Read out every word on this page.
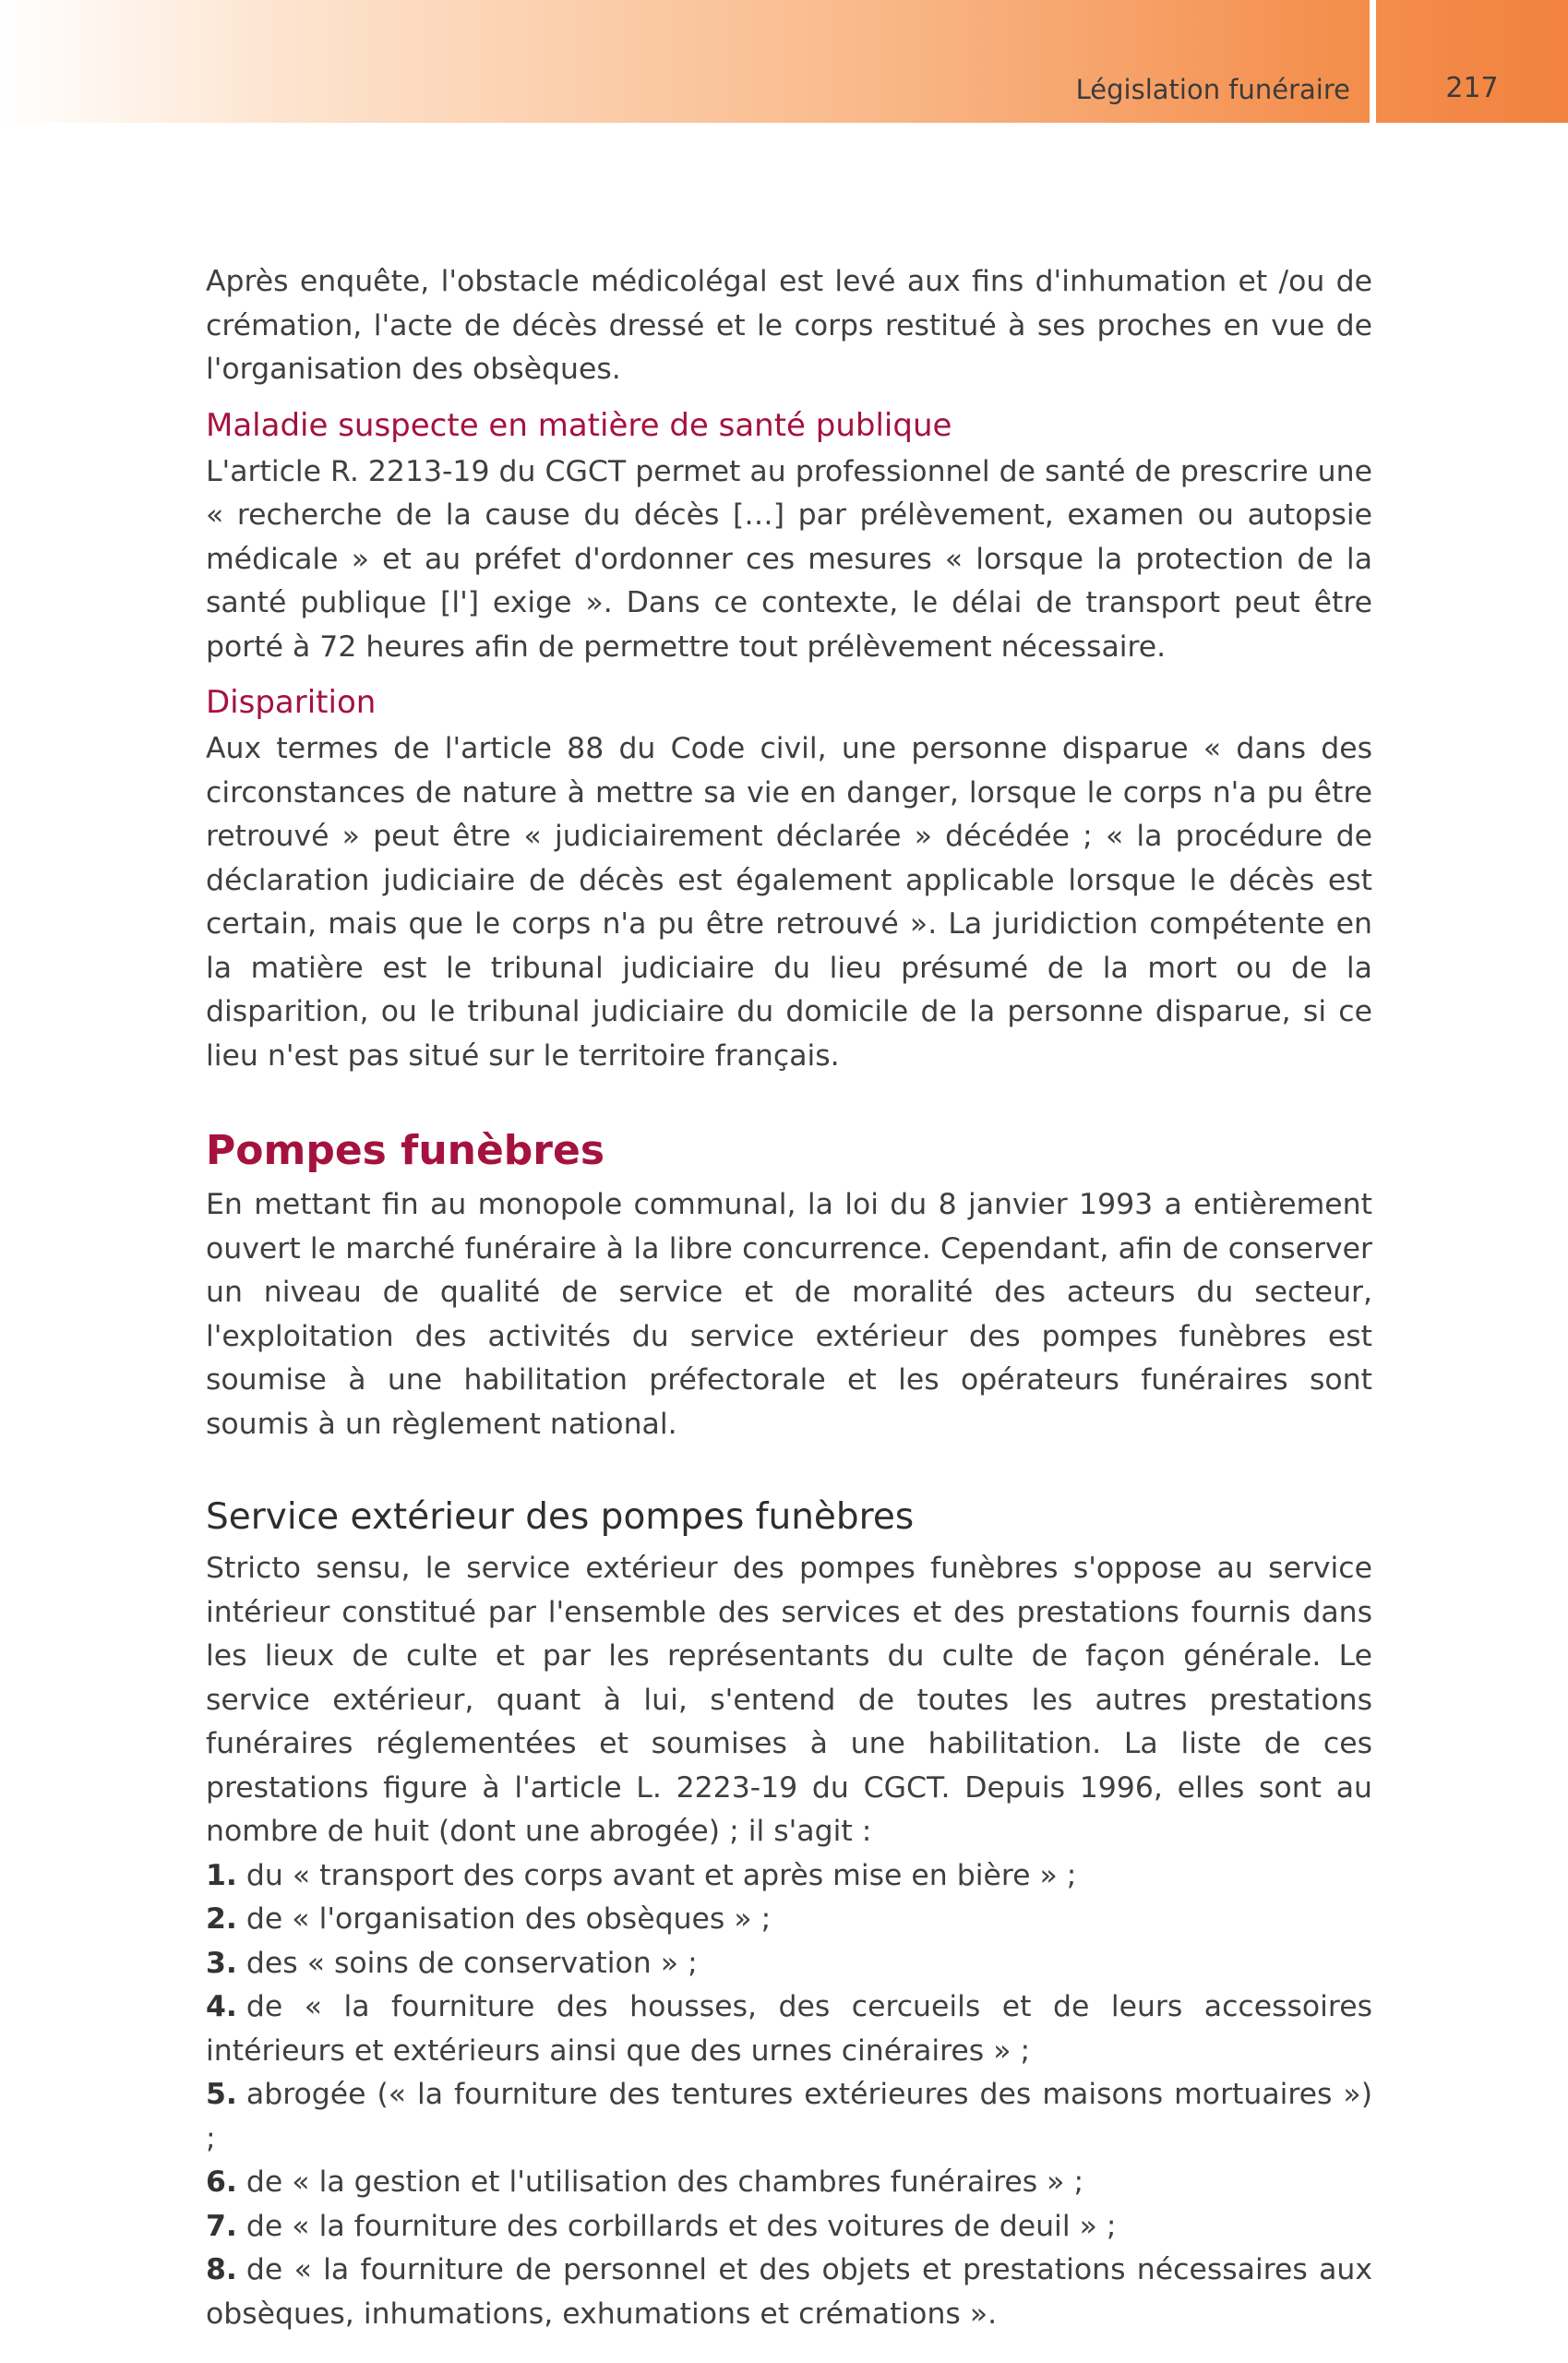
Législation funéraire	217

Après enquête, l'obstacle médicolégal est levé aux fins d'inhumation et /ou de crémation, l'acte de décès dressé et le corps restitué à ses proches en vue de l'organisation des obsèques.

Maladie suspecte en matière de santé publique

L'article R. 2213-19 du CGCT permet au professionnel de santé de prescrire une « recherche de la cause du décès […] par prélèvement, examen ou autopsie médicale » et au préfet d'ordonner ces mesures « lorsque la protection de la santé publique [l'] exige ». Dans ce contexte, le délai de transport peut être porté à 72 heures afin de permettre tout prélèvement nécessaire.

Disparition

Aux termes de l'article 88 du Code civil, une personne disparue « dans des circonstances de nature à mettre sa vie en danger, lorsque le corps n'a pu être retrouvé » peut être « judiciairement déclarée » décédée ; « la procédure de déclaration judiciaire de décès est également applicable lorsque le décès est certain, mais que le corps n'a pu être retrouvé ». La juridiction compétente en la matière est le tribunal judiciaire du lieu présumé de la mort ou de la disparition, ou le tribunal judiciaire du domicile de la personne disparue, si ce lieu n'est pas situé sur le territoire français.

Pompes funèbres

En mettant fin au monopole communal, la loi du 8 janvier 1993 a entièrement ouvert le marché funéraire à la libre concurrence. Cependant, afin de conserver un niveau de qualité de service et de moralité des acteurs du secteur, l'exploitation des activités du service extérieur des pompes funèbres est soumise à une habilitation préfectorale et les opérateurs funéraires sont soumis à un règlement national.

Service extérieur des pompes funèbres

Stricto sensu, le service extérieur des pompes funèbres s'oppose au service intérieur constitué par l'ensemble des services et des prestations fournis dans les lieux de culte et par les représentants du culte de façon générale. Le service extérieur, quant à lui, s'entend de toutes les autres prestations funéraires réglementées et soumises à une habilitation. La liste de ces prestations figure à l'article L. 2223-19 du CGCT. Depuis 1996, elles sont au nombre de huit (dont une abrogée) ; il s'agit :

1. du « transport des corps avant et après mise en bière » ;
2. de « l'organisation des obsèques » ;
3. des « soins de conservation » ;
4. de « la fourniture des housses, des cercueils et de leurs accessoires intérieurs et extérieurs ainsi que des urnes cinéraires » ;
5. abrogée (« la fourniture des tentures extérieures des maisons mortuaires ») ;
6. de « la gestion et l'utilisation des chambres funéraires » ;
7. de « la fourniture des corbillards et des voitures de deuil » ;
8. de « la fourniture de personnel et des objets et prestations nécessaires aux obsèques, inhumations, exhumations et crémations ».
